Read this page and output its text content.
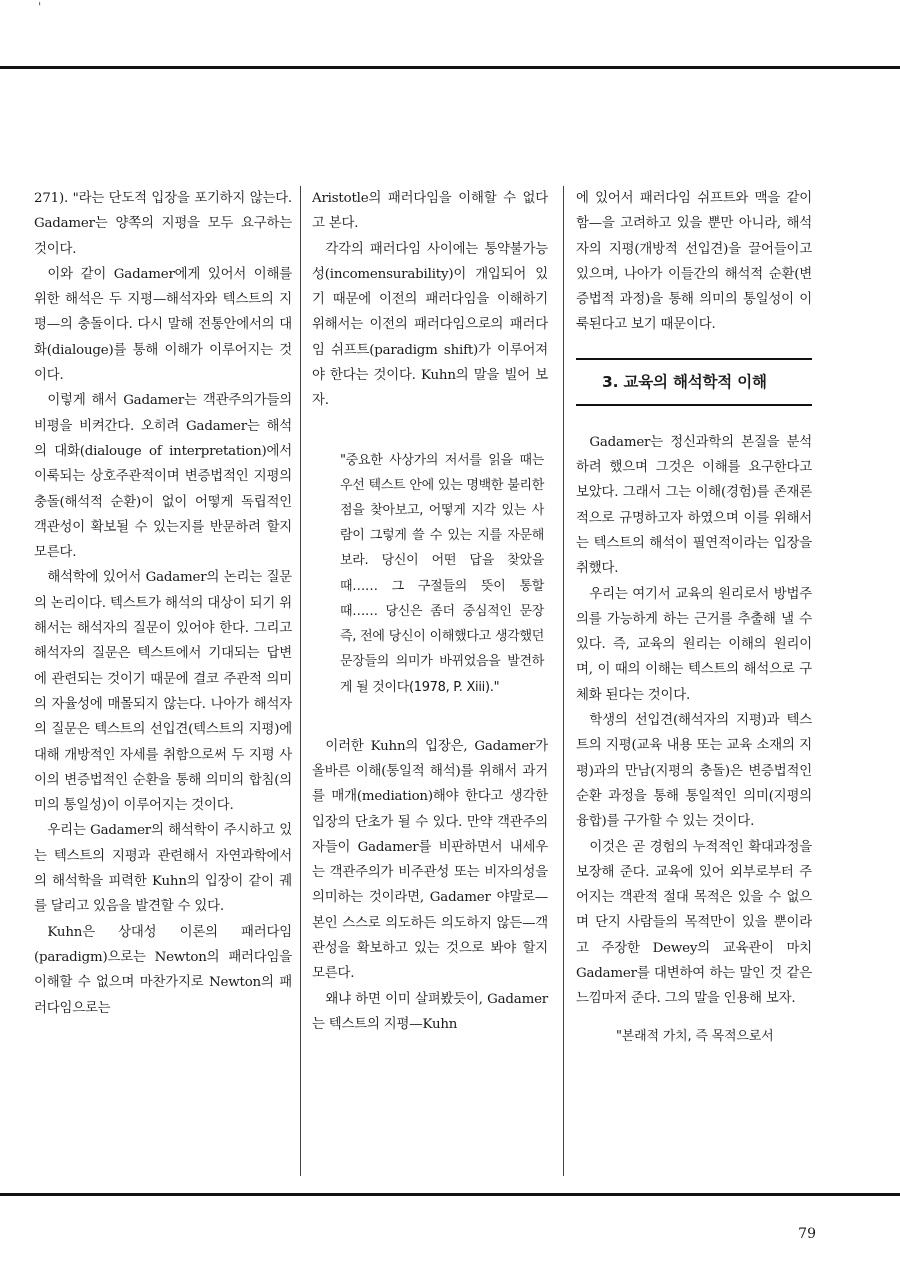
'

271). "라는 단도적 입장을 포기하지 않는다. Gadamer는 양쪽의 지평을 모두 요구하는 것이다.

이와 같이 Gadamer에게 있어서 이해를 위한 해석은 두 지평—해석자와 텍스트의 지평—의 충돌이다. 다시 말해 전통안에서의 대화(dialouge)를 통해 이해가 이루어지는 것이다.

이렇게 해서 Gadamer는 객관주의가들의 비평을 비켜간다. 오히려 Gadamer는 해석의 대화(dialouge of interpretation)에서 이룩되는 상호주관적이며 변증법적인 지평의 충돌(해석적 순환)이 없이 어떻게 독립적인 객관성이 확보될 수 있는지를 반문하려 할지 모른다.

해석학에 있어서 Gadamer의 논리는 질문의 논리이다. 텍스트가 해석의 대상이 되기 위해서는 해석자의 질문이 있어야 한다. 그리고 해석자의 질문은 텍스트에서 기대되는 답변에 관련되는 것이기 때문에 결코 주관적 의미의 자율성에 매몰되지 않는다. 나아가 해석자의 질문은 텍스트의 선입견(텍스트의 지평)에 대해 개방적인 자세를 취함으로써 두 지평 사이의 변증법적인 순환을 통해 의미의 합침(의미의 통일성)이 이루어지는 것이다.

우리는 Gadamer의 해석학이 주시하고 있는 텍스트의 지평과 관련해서 자연과학에서의 해석학을 피력한 Kuhn의 입장이 같이 궤를 달리고 있음을 발견할 수 있다.

Kuhn은 상대성 이론의 패러다임(paradigm)으로는 Newton의 패러다임을 이해할 수 없으며 마찬가지로 Newton의 패러다임으로는

Aristotle의 패러다임을 이해할 수 없다고 본다.

각각의 패러다임 사이에는 통약불가능성(incomensurability)이 개입되어 있기 때문에 이전의 패러다임을 이해하기 위해서는 이전의 패러다임으로의 패러다임 쉬프트(paradigm shift)가 이루어져야 한다는 것이다. Kuhn의 말을 빌어 보자.

"중요한 사상가의 저서를 읽을 때는 우선 텍스트 안에 있는 명백한 불리한 점을 찾아보고, 어떻게 지각 있는 사람이 그렇게 쓸 수 있는 지를 자문해 보라. 당신이 어떤 답을 찾았을 때…… 그 구절들의 뜻이 통할 때…… 당신은 좀더 중심적인 문장 즉, 전에 당신이 이해했다고 생각했던 문장들의 의미가 바뀌었음을 발견하게 될 것이다(1978, P. Xiii)."

이러한 Kuhn의 입장은, Gadamer가 올바른 이해(통일적 해석)를 위해서 과거를 매개(mediation)해야 한다고 생각한 입장의 단초가 될 수 있다. 만약 객관주의자들이 Gadamer를 비판하면서 내세우는 객관주의가 비주관성 또는 비자의성을 의미하는 것이라면, Gadamer 야말로—본인 스스로 의도하든 의도하지 않든—객관성을 확보하고 있는 것으로 봐야 할지 모른다.

왜냐 하면 이미 살펴봤듯이, Gadamer는 텍스트의 지평—Kuhn

에 있어서 패러다임 쉬프트와 맥을 같이 함—을 고려하고 있을 뿐만 아니라, 해석자의 지평(개방적 선입견)을 끌어들이고 있으며, 나아가 이들간의 해석적 순환(변증법적 과정)을 통해 의미의 통일성이 이룩된다고 보기 때문이다.

3. 교육의 해석학적 이해

Gadamer는 정신과학의 본질을 분석하려 했으며 그것은 이해를 요구한다고 보았다. 그래서 그는 이해(경험)를 존재론적으로 규명하고자 하였으며 이를 위해서는 텍스트의 해석이 필연적이라는 입장을 취했다.

우리는 여기서 교육의 원리로서 방법주의를 가능하게 하는 근거를 추출해 낼 수 있다. 즉, 교육의 원리는 이해의 원리이며, 이 때의 이해는 텍스트의 해석으로 구체화 된다는 것이다.

학생의 선입견(해석자의 지평)과 텍스트의 지평(교육 내용 또는 교육 소재의 지평)과의 만남(지평의 충돌)은 변증법적인 순환 과정을 통해 통일적인 의미(지평의 융합)를 구가할 수 있는 것이다.

이것은 곧 경험의 누적적인 확대과정을 보장해 준다. 교육에 있어 외부로부터 주어지는 객관적 절대 목적은 있을 수 없으며 단지 사람들의 목적만이 있을 뿐이라고 주장한 Dewey의 교육관이 마치 Gadamer를 대변하여 하는 말인 것 같은 느낌마저 준다. 그의 말을 인용해 보자.

"본래적 가치, 즉 목적으로서
79
